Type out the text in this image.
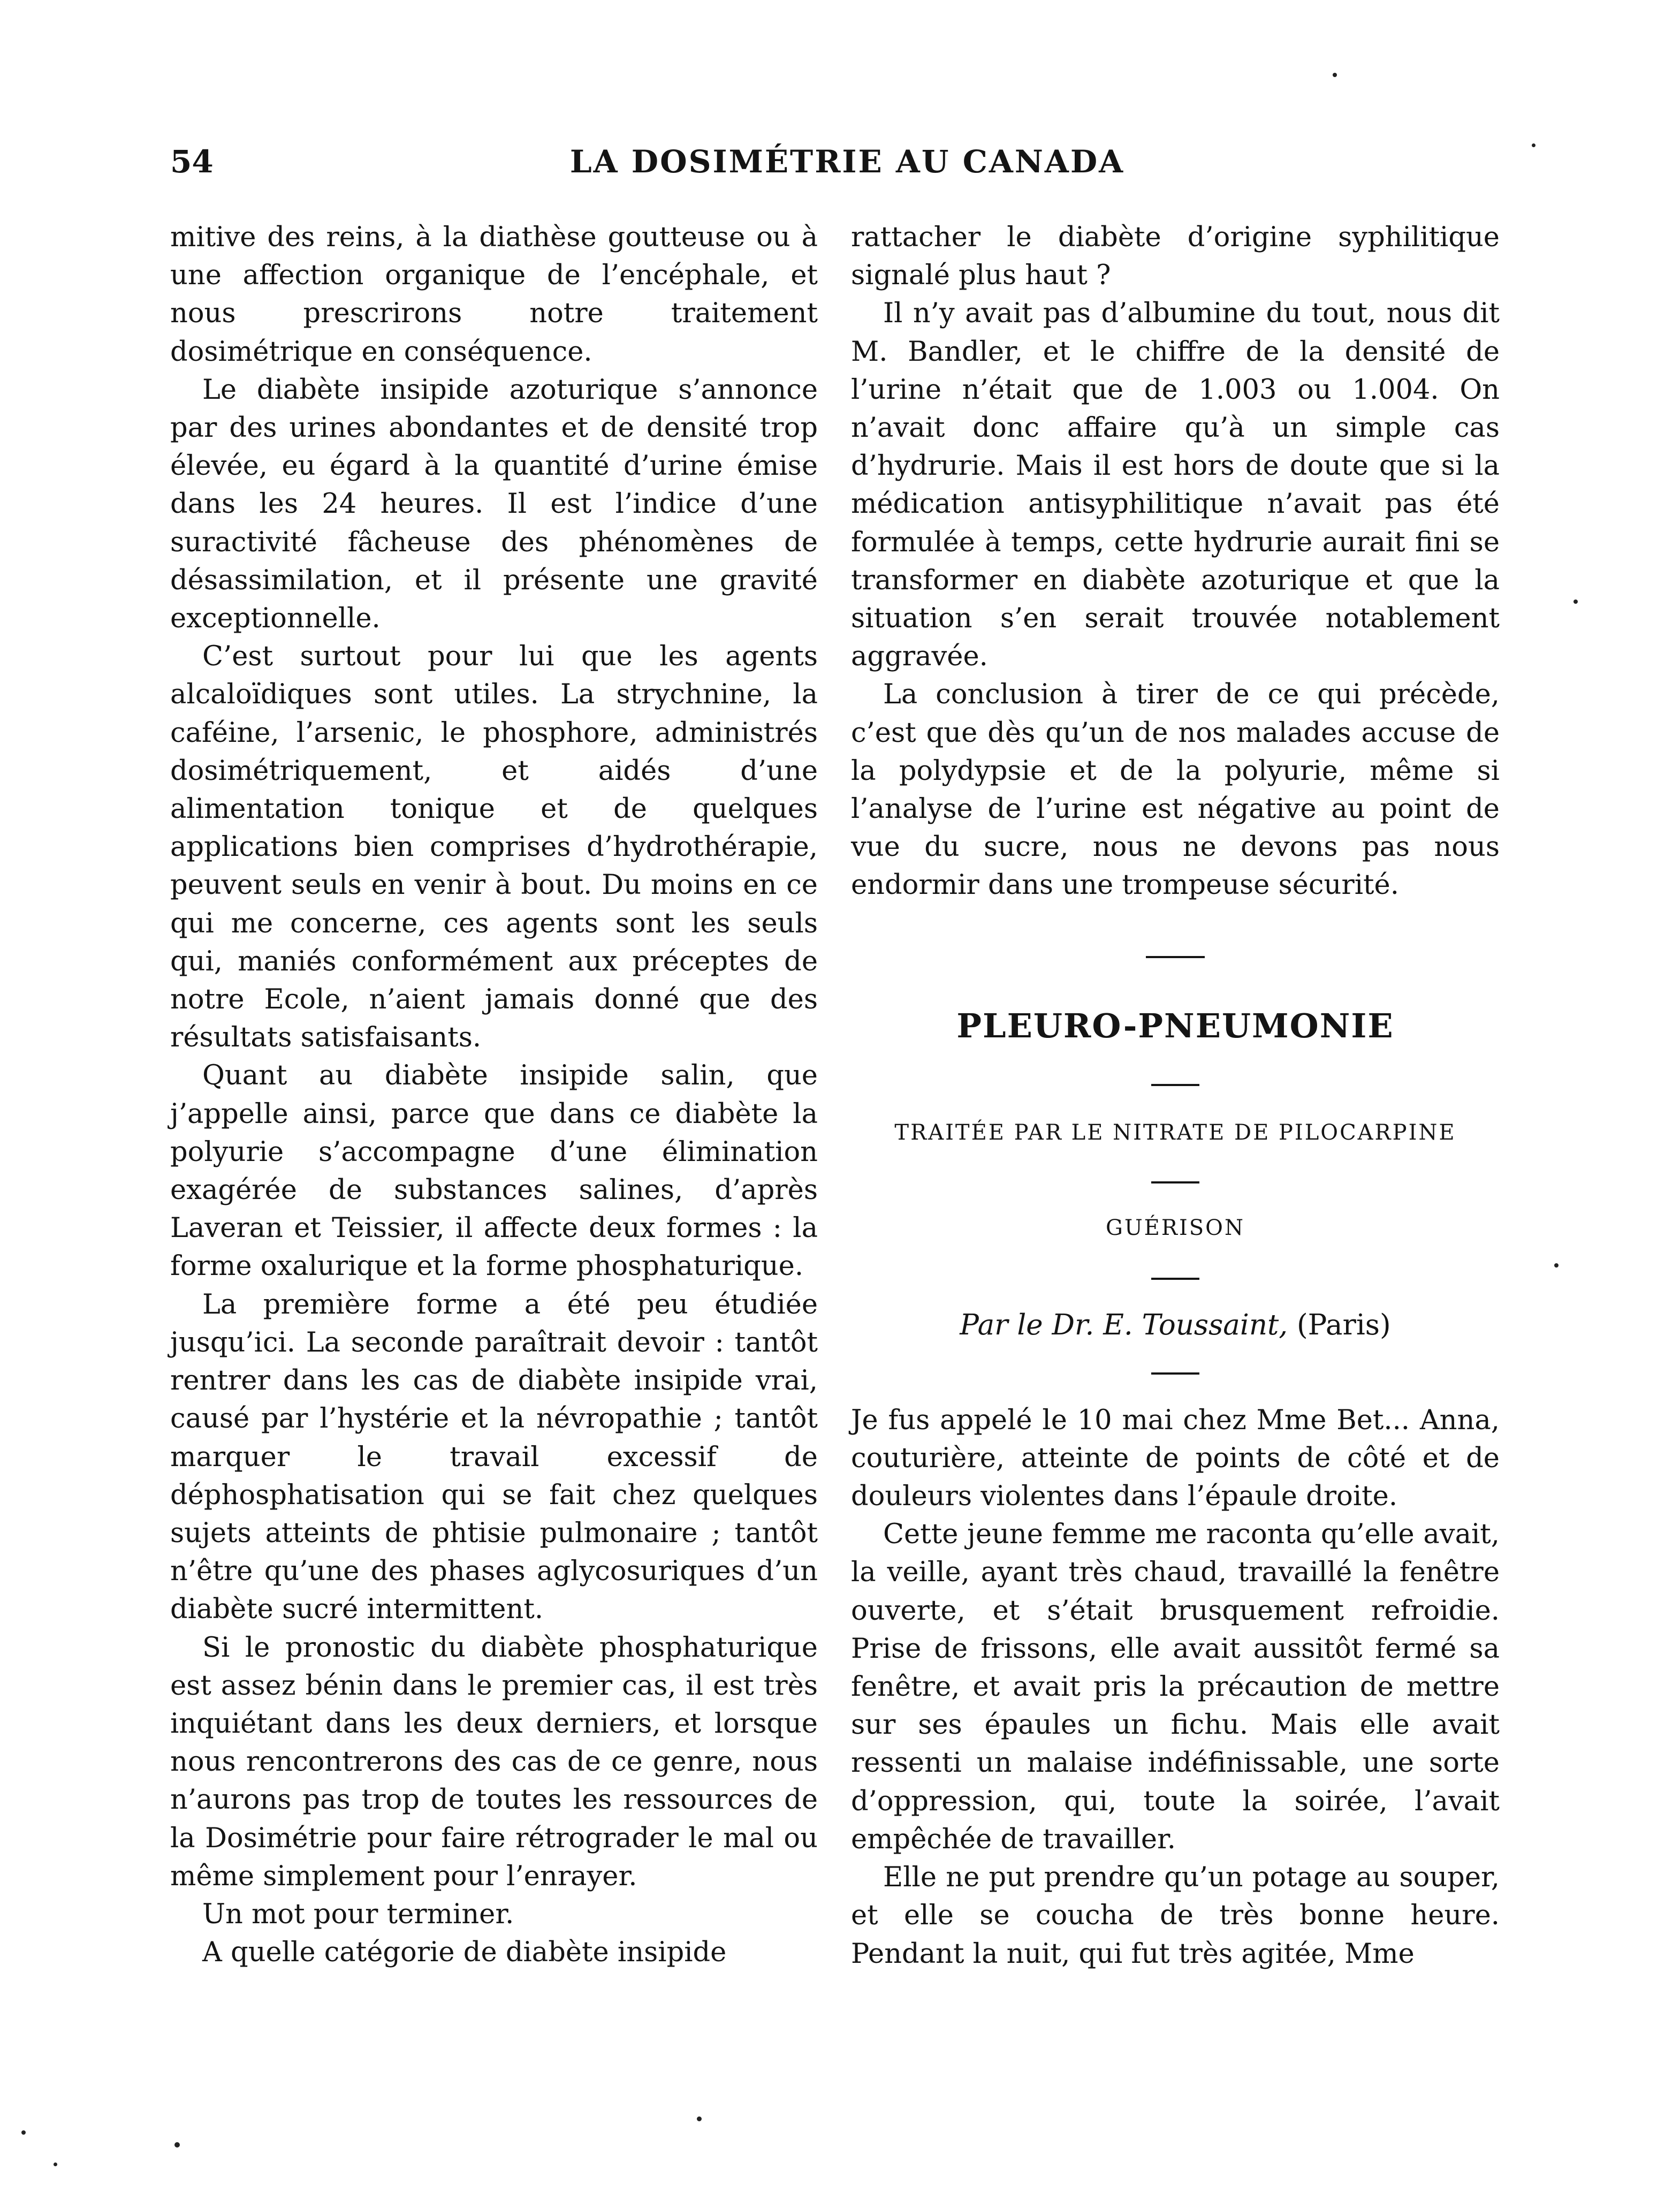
54	LA DOSIMÉTRIE AU CANADA

mitive des reins, à la diathèse goutteuse ou à une affection organique de l’encéphale, et nous prescrirons notre traitement dosimétrique en conséquence.

Le diabète insipide azoturique s’annonce par des urines abondantes et de densité trop élevée, eu égard à la quantité d’urine émise dans les 24 heures. Il est l’indice d’une suractivité fâcheuse des phénomènes de désassimilation, et il présente une gravité exceptionnelle.

C’est surtout pour lui que les agents alcaloïdiques sont utiles. La strychnine, la caféine, l’arsenic, le phosphore, administrés dosimétriquement, et aidés d’une alimentation tonique et de quelques applications bien comprises d’hydrothérapie, peuvent seuls en venir à bout. Du moins en ce qui me concerne, ces agents sont les seuls qui, maniés conformément aux préceptes de notre Ecole, n’aient jamais donné que des résultats satisfaisants.

Quant au diabète insipide salin, que j’appelle ainsi, parce que dans ce diabète la polyurie s’accompagne d’une élimination exagérée de substances salines, d’après Laveran et Teissier, il affecte deux formes : la forme oxalurique et la forme phosphaturique.

La première forme a été peu étudiée jusqu’ici. La seconde paraîtrait devoir : tantôt rentrer dans les cas de diabète insipide vrai, causé par l’hystérie et la névropathie ; tantôt marquer le travail excessif de déphosphatisation qui se fait chez quelques sujets atteints de phtisie pulmonaire ; tantôt n’être qu’une des phases aglycosuriques d’un diabète sucré intermittent.

Si le pronostic du diabète phosphaturique est assez bénin dans le premier cas, il est très inquiétant dans les deux derniers, et lorsque nous rencontrerons des cas de ce genre, nous n’aurons pas trop de toutes les ressources de la Dosimétrie pour faire rétrograder le mal ou même simplement pour l’enrayer.

Un mot pour terminer.

A quelle catégorie de diabète insipide

rattacher le diabète d’origine syphilitique signalé plus haut ?

Il n’y avait pas d’albumine du tout, nous dit M. Bandler, et le chiffre de la densité de l’urine n’était que de 1.003 ou 1.004. On n’avait donc affaire qu’à un simple cas d’hydrurie. Mais il est hors de doute que si la médication antisyphilitique n’avait pas été formulée à temps, cette hydrurie aurait fini se transformer en diabète azoturique et que la situation s’en serait trouvée notablement aggravée.

La conclusion à tirer de ce qui précède, c’est que dès qu’un de nos malades accuse de la polydypsie et de la polyurie, même si l’analyse de l’urine est négative au point de vue du sucre, nous ne devons pas nous endormir dans une trompeuse sécurité.

PLEURO-PNEUMONIE
TRAITÉE PAR LE NITRATE DE PILOCARPINE
GUÉRISON
Par le Dr. E. Toussaint, (Paris)

Je fus appelé le 10 mai chez Mme Bet... Anna, couturière, atteinte de points de côté et de douleurs violentes dans l’épaule droite.

Cette jeune femme me raconta qu’elle avait, la veille, ayant très chaud, travaillé la fenêtre ouverte, et s’était brusquement refroidie. Prise de frissons, elle avait aussitôt fermé sa fenêtre, et avait pris la précaution de mettre sur ses épaules un fichu. Mais elle avait ressenti un malaise indéfinissable, une sorte d’oppression, qui, toute la soirée, l’avait empêchée de travailler.

Elle ne put prendre qu’un potage au souper, et elle se coucha de très bonne heure. Pendant la nuit, qui fut très agitée, Mme
